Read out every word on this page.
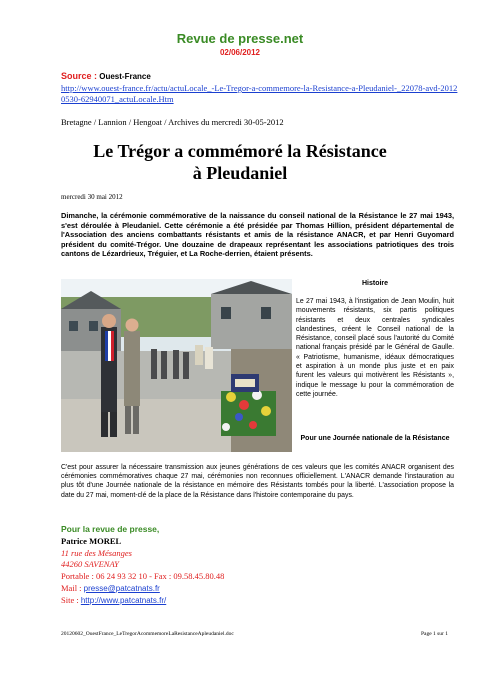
Revue de presse.net
02/06/2012
Source : Ouest-France
http://www.ouest-france.fr/actu/actuLocale_-Le-Tregor-a-commemore-la-Resistance-a-Pleudaniel-_22078-avd-20120530-62940071_actuLocale.Htm
Bretagne / Lannion / Hengoat / Archives du mercredi 30-05-2012
Le Trégor a commémoré la Résistance
à Pleudaniel
mercredi 30 mai 2012
Dimanche, la cérémonie commémorative de la naissance du conseil national de la Résistance le 27 mai 1943, s'est déroulée à Pleudaniel. Cette cérémonie a été présidée par Thomas Hillion, président départemental de l'Association des anciens combattants résistants et amis de la résistance ANACR, et par Henri Guyomard président du comité-Trégor. Une douzaine de drapeaux représentant les associations patriotiques des trois cantons de Lézardrieux, Tréguier, et La Roche-derrien, étaient présents.
Histoire
Le 27 mai 1943, à l'instigation de Jean Moulin, huit mouvements résistants, six partis politiques résistants et deux centrales syndicales clandestines, créent le Conseil national de la Résistance, conseil placé sous l'autorité du Comité national français présidé par le Général de Gaulle. « Patriotisme, humanisme, idéaux démocratiques et aspiration à un monde plus juste et en paix furent les valeurs qui motivèrent les Résistants », indique le message lu pour la commémoration de cette journée.
Pour une Journée nationale de la Résistance
C'est pour assurer la nécessaire transmission aux jeunes générations de ces valeurs que les comités ANACR organisent des cérémonies commémoratives chaque 27 mai, cérémonies non reconnues officiellement. L'ANACR demande l'instauration au plus tôt d'une Journée nationale de la résistance en mémoire des Résistants tombés pour la liberté. L'association propose la date du 27 mai, moment-clé de la place de la Résistance dans l'histoire contemporaine du pays.
Pour la revue de presse,
Patrice MOREL
11 rue des Mésanges
44260 SAVENAY
Portable : 06 24 93 32 10 - Fax : 09.58.45.80.48
Mail : presse@patcatnats.fr
Site : http://www.patcatnats.fr/
20120602_OuestFrance_LeTregorAcommemoreLaResistanceApleudaniel.doc	Page 1 sur 1
